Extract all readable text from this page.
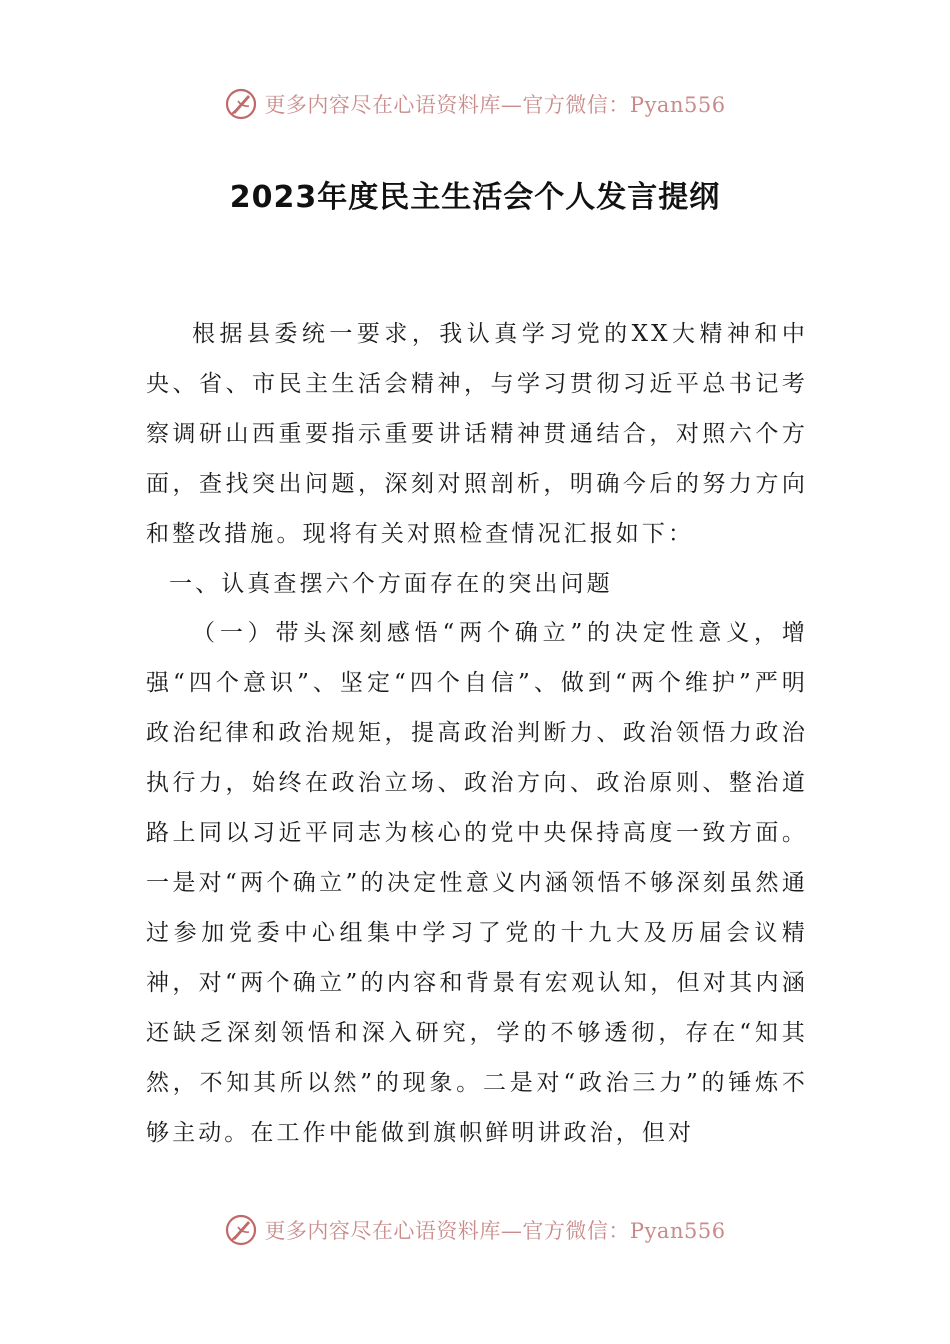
更多内容尽在心语资料库—官方微信：Pyan556
2023年度民主生活会个人发言提纲

根据县委统一要求，我认真学习党的XX大精神和中央、省、市民主生活会精神，与学习贯彻习近平总书记考察调研山西重要指示重要讲话精神贯通结合，对照六个方面，查找突出问题，深刻对照剖析，明确今后的努力方向和整改措施。现将有关对照检查情况汇报如下：

一、认真查摆六个方面存在的突出问题

（一）带头深刻感悟“两个确立”的决定性意义，增强“四个意识”、坚定“四个自信”、做到“两个维护”严明政治纪律和政治规矩，提高政治判断力、政治领悟力政治执行力，始终在政治立场、政治方向、政治原则、整治道路上同以习近平同志为核心的党中央保持高度一致方面。一是对“两个确立”的决定性意义内涵领悟不够深刻虽然通过参加党委中心组集中学习了党的十九大及历届会议精神，对“两个确立”的内容和背景有宏观认知，但对其内涵还缺乏深刻领悟和深入研究，学的不够透彻，存在“知其然，不知其所以然”的现象。二是对“政治三力”的锤炼不够主动。在工作中能做到旗帜鲜明讲政治，但对

更多内容尽在心语资料库—官方微信：Pyan556
